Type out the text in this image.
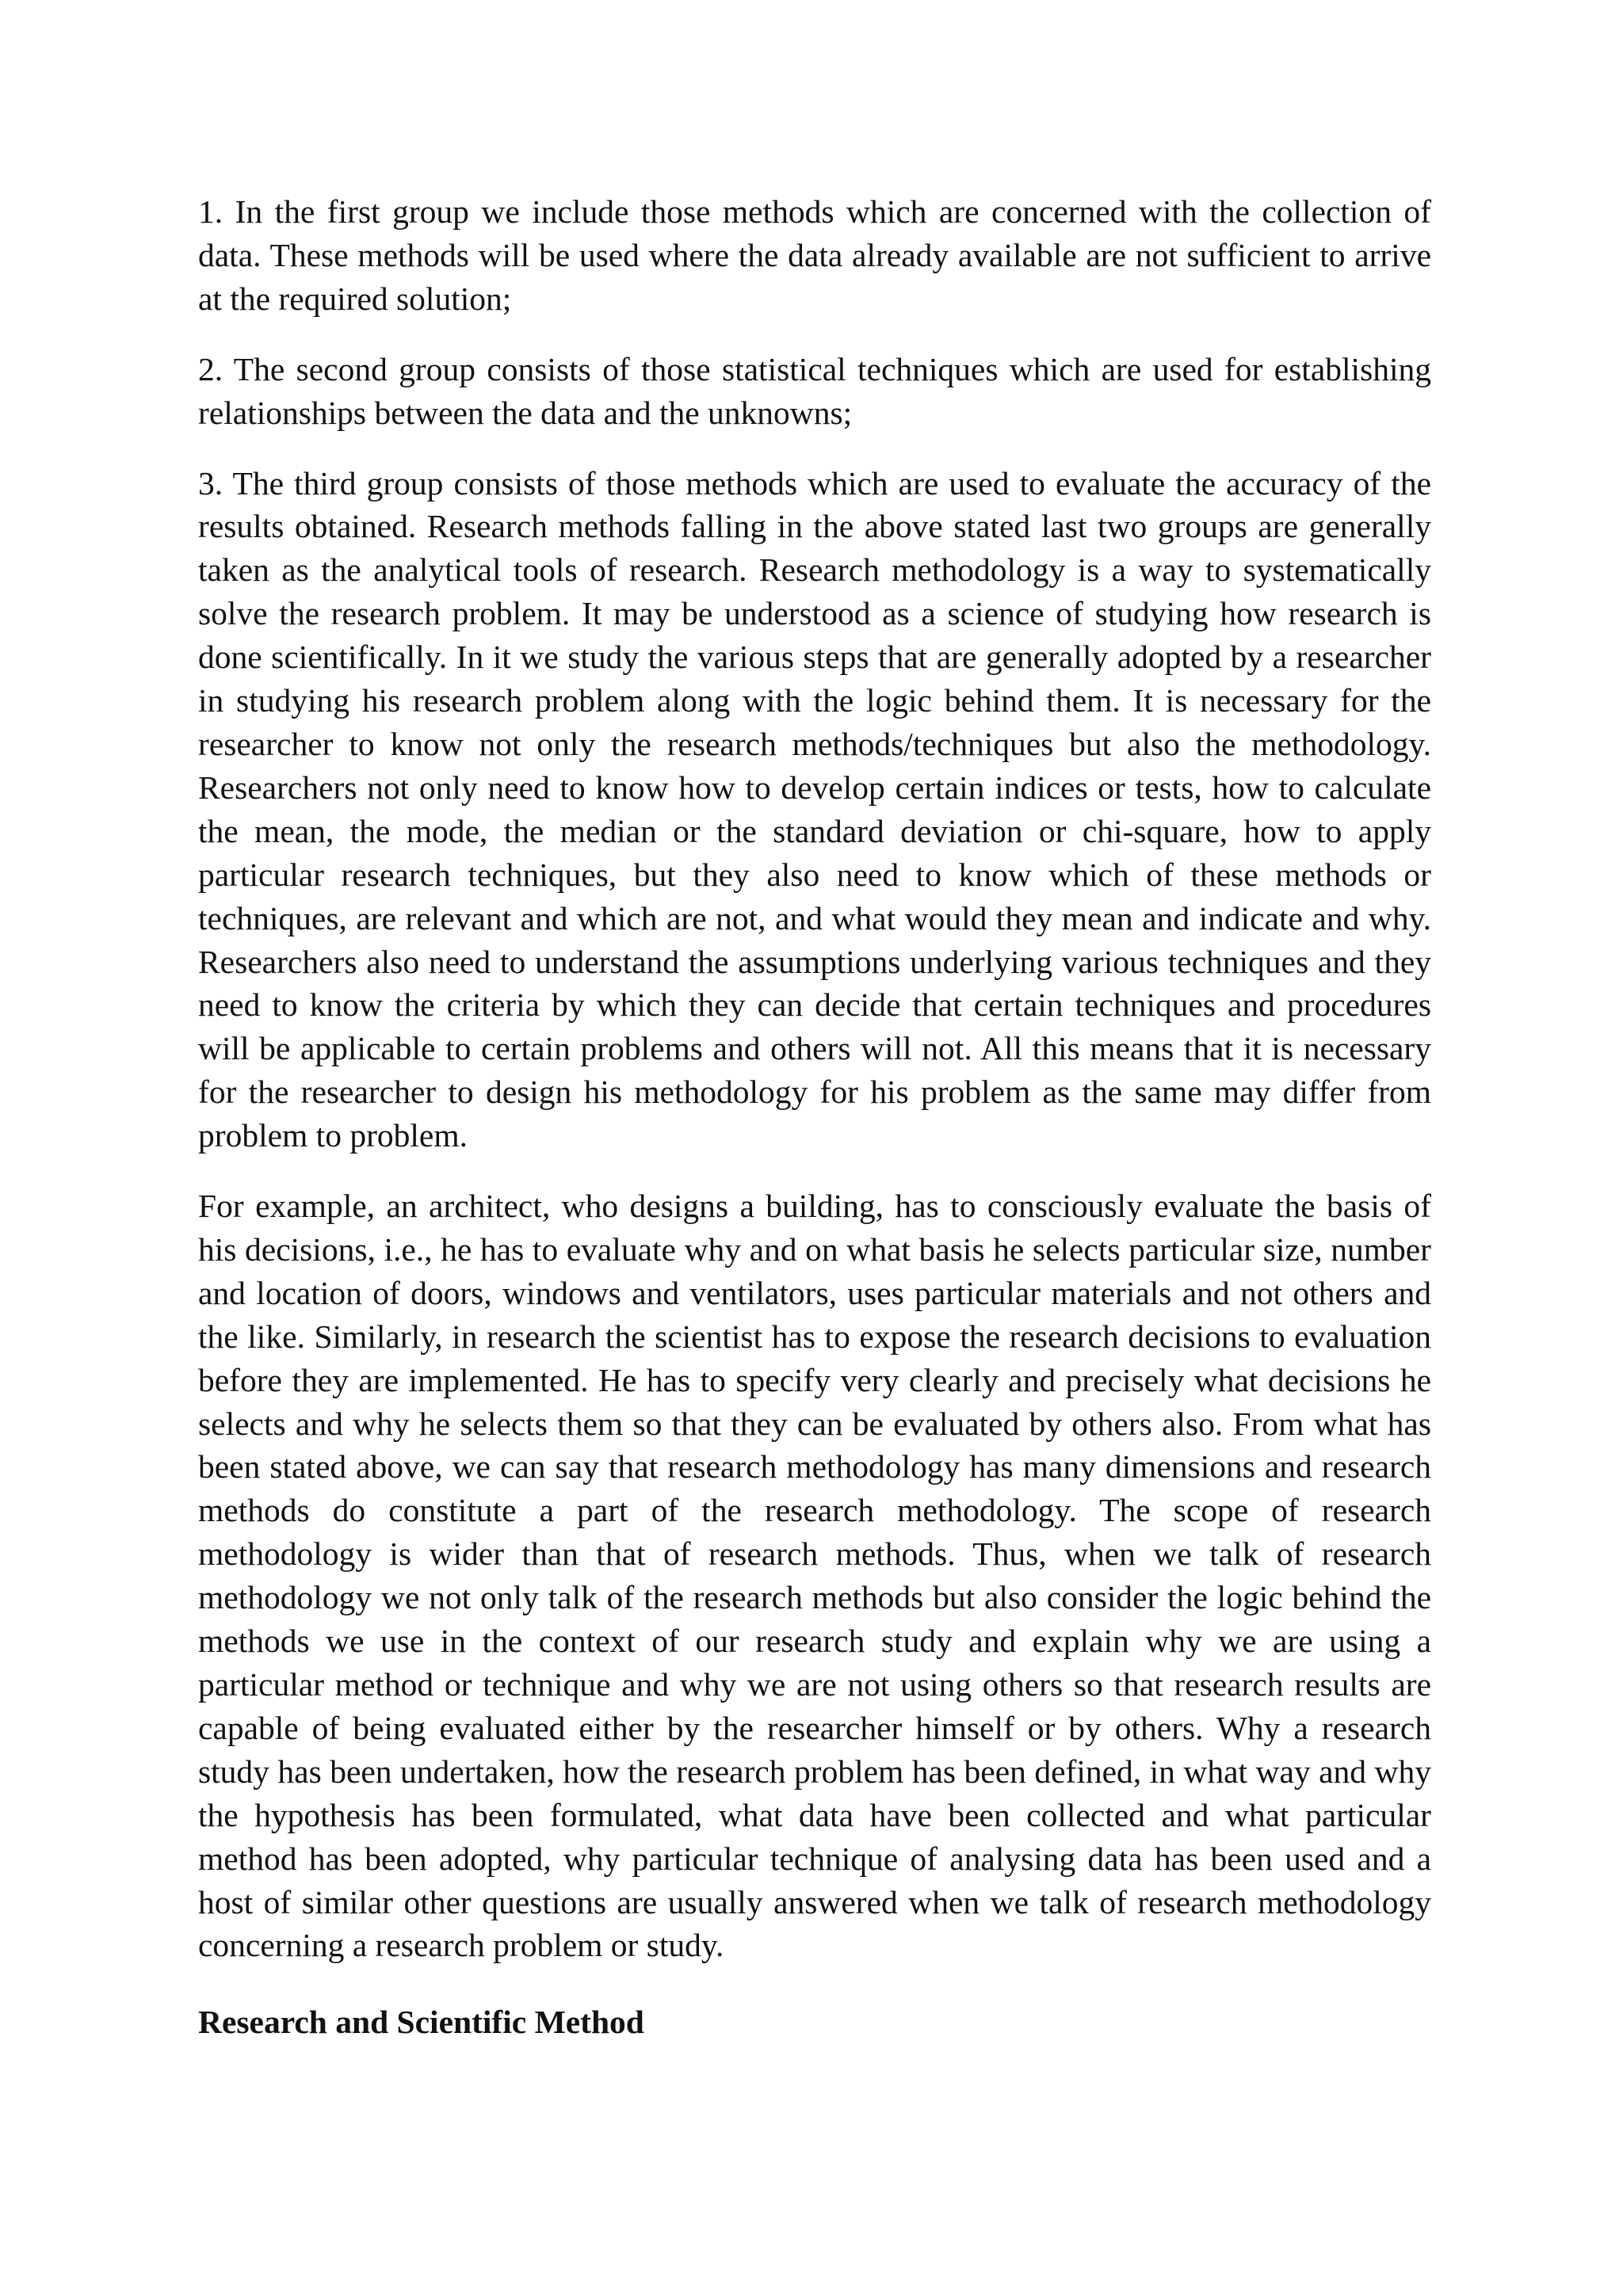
1. In the first group we include those methods which are concerned with the collection of data. These methods will be used where the data already available are not sufficient to arrive at the required solution;

2. The second group consists of those statistical techniques which are used for establishing relationships between the data and the unknowns;

3. The third group consists of those methods which are used to evaluate the accuracy of the results obtained. Research methods falling in the above stated last two groups are generally taken as the analytical tools of research. Research methodology is a way to systematically solve the research problem. It may be understood as a science of studying how research is done scientifically. In it we study the various steps that are generally adopted by a researcher in studying his research problem along with the logic behind them. It is necessary for the researcher to know not only the research methods/techniques but also the methodology. Researchers not only need to know how to develop certain indices or tests, how to calculate the mean, the mode, the median or the standard deviation or chi-square, how to apply particular research techniques, but they also need to know which of these methods or techniques, are relevant and which are not, and what would they mean and indicate and why. Researchers also need to understand the assumptions underlying various techniques and they need to know the criteria by which they can decide that certain techniques and procedures will be applicable to certain problems and others will not. All this means that it is necessary for the researcher to design his methodology for his problem as the same may differ from problem to problem.

For example, an architect, who designs a building, has to consciously evaluate the basis of his decisions, i.e., he has to evaluate why and on what basis he selects particular size, number and location of doors, windows and ventilators, uses particular materials and not others and the like. Similarly, in research the scientist has to expose the research decisions to evaluation before they are implemented. He has to specify very clearly and precisely what decisions he selects and why he selects them so that they can be evaluated by others also. From what has been stated above, we can say that research methodology has many dimensions and research methods do constitute a part of the research methodology. The scope of research methodology is wider than that of research methods. Thus, when we talk of research methodology we not only talk of the research methods but also consider the logic behind the methods we use in the context of our research study and explain why we are using a particular method or technique and why we are not using others so that research results are capable of being evaluated either by the researcher himself or by others. Why a research study has been undertaken, how the research problem has been defined, in what way and why the hypothesis has been formulated, what data have been collected and what particular method has been adopted, why particular technique of analysing data has been used and a host of similar other questions are usually answered when we talk of research methodology concerning a research problem or study.

Research and Scientific Method
